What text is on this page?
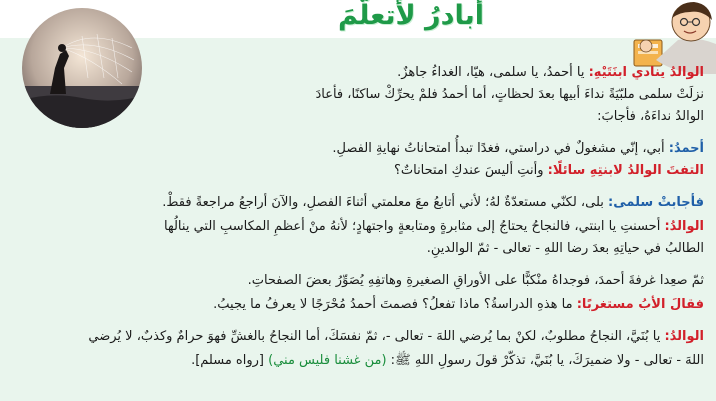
أبادرُ لأتعلّمَ
الوالدُ ينادي ابنَتَيْهِ: يا أحمدُ، يا سلمى، هيّا، الغداءُ جاهزٌ.
نزلَتْ سلمى ملبّيَةً نداءَ أبيها بعدَ لحظاتٍ، أما أحمدُ فلمْ يحرِّكْ ساكنًا، فأعادَ
الوالدُ نداءَهُ، فأجابَ:
أحمدُ: أبي، إنّي مشغولٌ في دراستي، فغدًا تبدأُ امتحاناتُ نهايةِ الفصلِ.
التفتَ الوالدُ لابنتِهِ سائلًا: وأنتِ أليسَ عندكِ امتحاناتٌ؟
فأجابتْ سلمى: بلى، لكنّي مستعدّةٌ لهُ؛ لأني أتابعُ معَ معلمتي أثناءَ الفصلِ، والآنَ أراجعُ مراجعةً فقطْ.
الوالدُ: أحسنتِ يا ابنتي، فالنجاحُ يحتاجُ إلى مثابرةٍ ومتابعةٍ واجتهادٍ؛ لأنهُ منْ أعظمِ المكاسبِ التي ينالُها
الطالبُ في حياتِهِ بعدَ رضا اللهِ - تعالى - ثمّ الوالدينِ.
ثمّ صعِدا غرفةَ أحمدَ، فوجداهُ منْكبًّا على الأوراقِ الصغيرةِ وهاتفِهِ يُصَوِّرُ بعضَ الصفحاتِ.
فقالَ الأبُ مستغربًا: ما هذهِ الدراسةُ؟ ماذا تفعلُ؟ فصمتَ أحمدُ مُحْرَجًا لا يعرفُ ما يجيبُ.
الوالدُ: يا بُنَيَّ، النجاحُ مطلوبٌ، لكنْ بما يُرضي اللهَ - تعالى -، ثمّ نفسَكَ، أما النجاحُ بالغشِّ فهوَ حرامٌ وكذبٌ، لا يُرضي
اللهَ - تعالى - ولا ضميرَكَ، يا بُنَيَّ، تذكّرْ قولَ رسولِ اللهِ ﷺ: (من غشنا فليس مني) [رواه مسلم].
